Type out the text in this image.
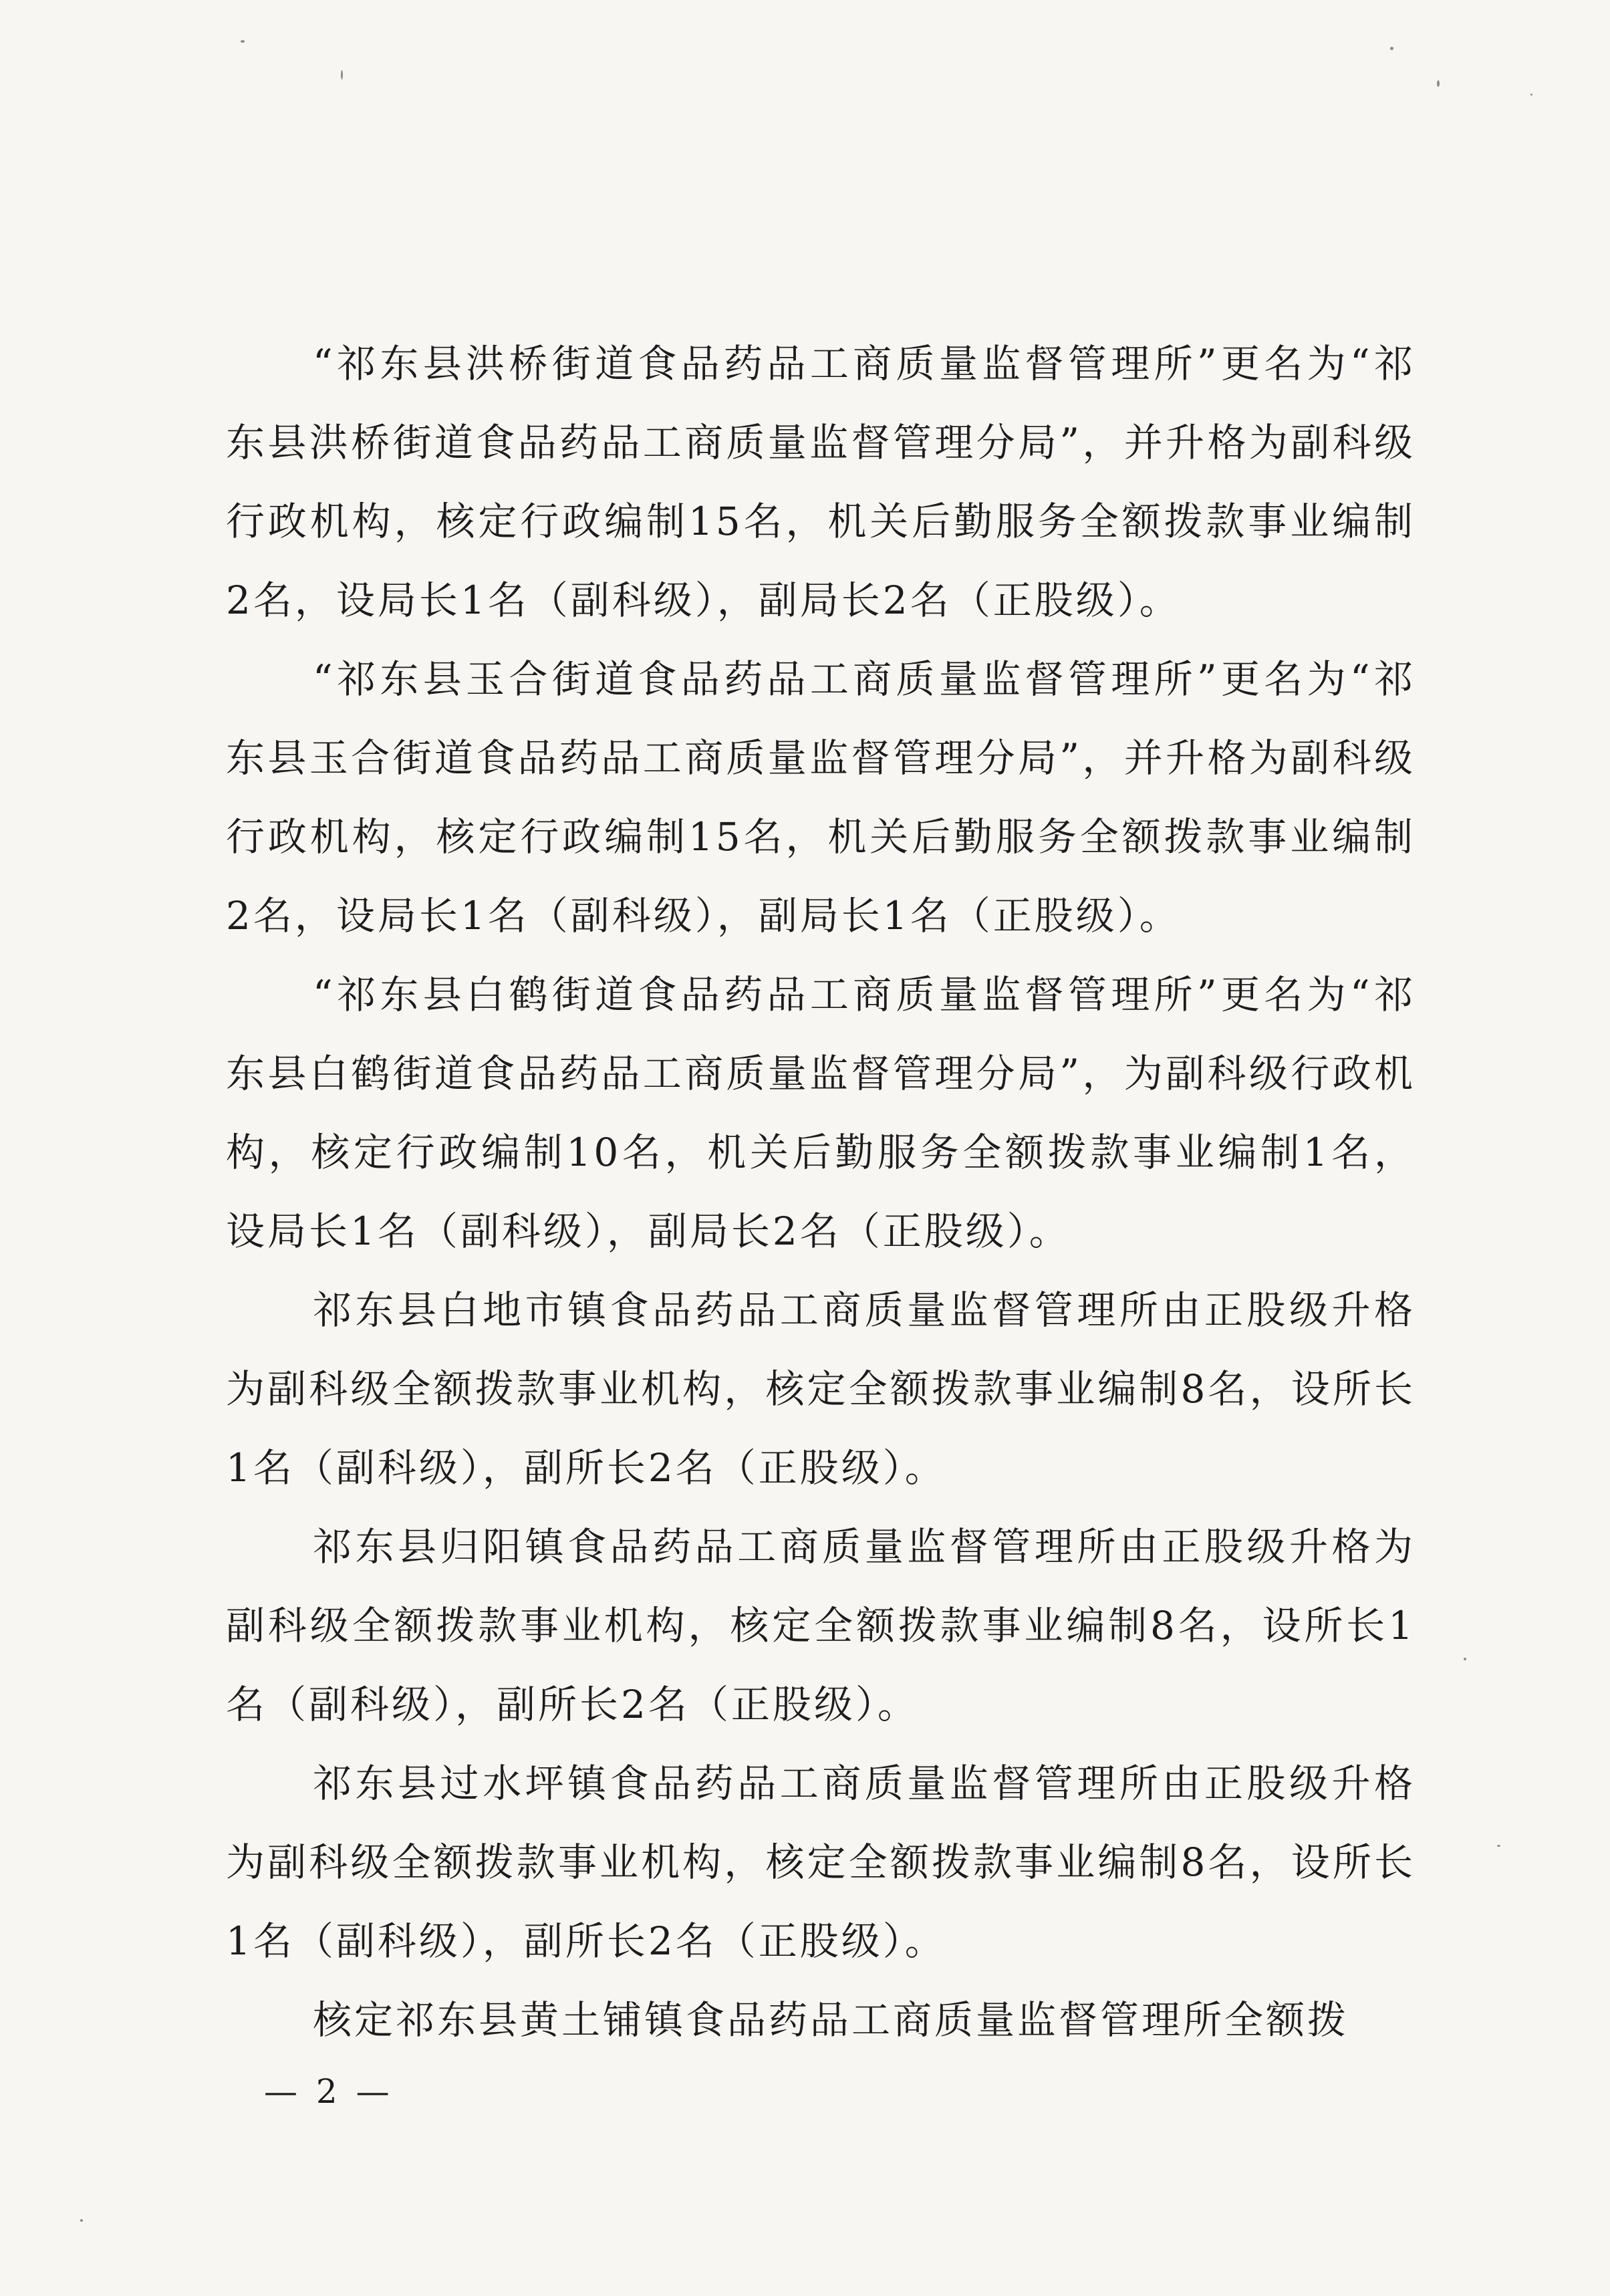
“祁东县洪桥街道食品药品工商质量监督管理所”更名为“祁东县洪桥街道食品药品工商质量监督管理分局”，并升格为副科级行政机构，核定行政编制15名，机关后勤服务全额拨款事业编制2名，设局长1名（副科级），副局长2名（正股级）。

“祁东县玉合街道食品药品工商质量监督管理所”更名为“祁东县玉合街道食品药品工商质量监督管理分局”，并升格为副科级行政机构，核定行政编制15名，机关后勤服务全额拨款事业编制2名，设局长1名（副科级），副局长1名（正股级）。

“祁东县白鹤街道食品药品工商质量监督管理所”更名为“祁东县白鹤街道食品药品工商质量监督管理分局”，为副科级行政机构，核定行政编制10名，机关后勤服务全额拨款事业编制1名，设局长1名（副科级），副局长2名（正股级）。

祁东县白地市镇食品药品工商质量监督管理所由正股级升格为副科级全额拨款事业机构，核定全额拨款事业编制8名，设所长1名（副科级），副所长2名（正股级）。

祁东县归阳镇食品药品工商质量监督管理所由正股级升格为副科级全额拨款事业机构，核定全额拨款事业编制8名，设所长1名（副科级），副所长2名（正股级）。

祁东县过水坪镇食品药品工商质量监督管理所由正股级升格为副科级全额拨款事业机构，核定全额拨款事业编制8名，设所长1名（副科级），副所长2名（正股级）。

核定祁东县黄土铺镇食品药品工商质量监督管理所全额拨

— 2 —
